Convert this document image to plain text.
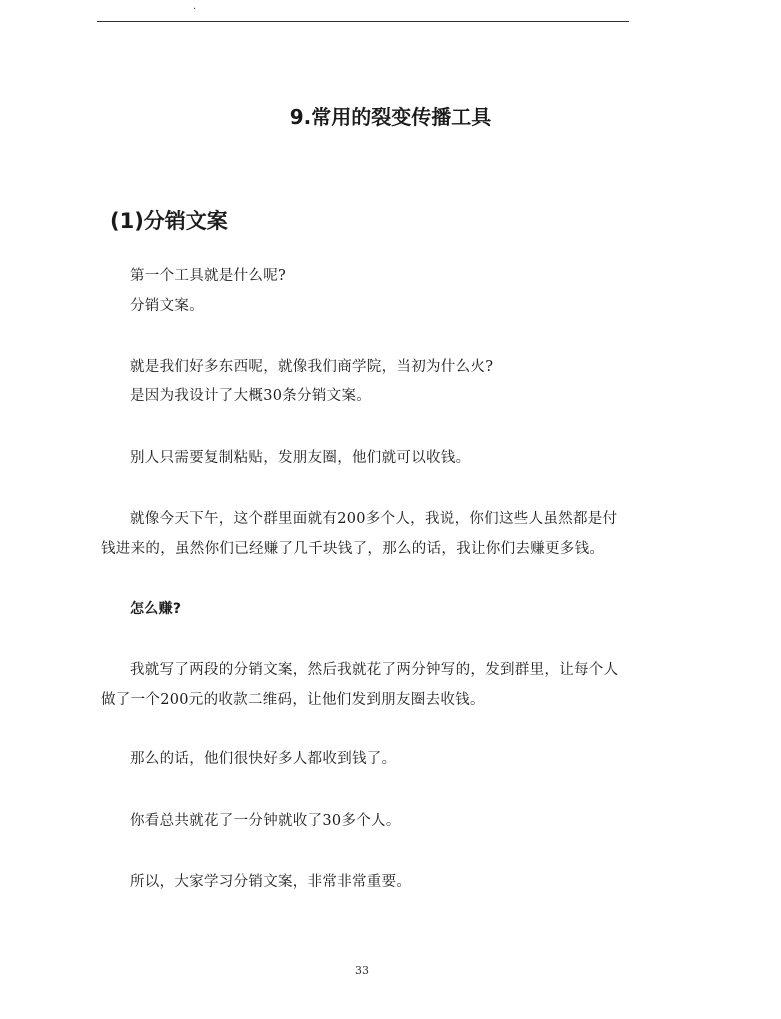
.
9.常用的裂变传播工具
(1)分销文案
第一个工具就是什么呢?
分销文案。
就是我们好多东西呢，就像我们商学院，当初为什么火?
是因为我设计了大概30条分销文案。
别人只需要复制粘贴，发朋友圈，他们就可以收钱。
就像今天下午，这个群里面就有200多个人，我说，你们这些人虽然都是付
钱进来的，虽然你们已经赚了几千块钱了，那么的话，我让你们去赚更多钱。
怎么赚?
我就写了两段的分销文案，然后我就花了两分钟写的，发到群里，让每个人
做了一个200元的收款二维码，让他们发到朋友圈去收钱。
那么的话，他们很快好多人都收到钱了。
你看总共就花了一分钟就收了30多个人。
所以，大家学习分销文案，非常非常重要。
33
